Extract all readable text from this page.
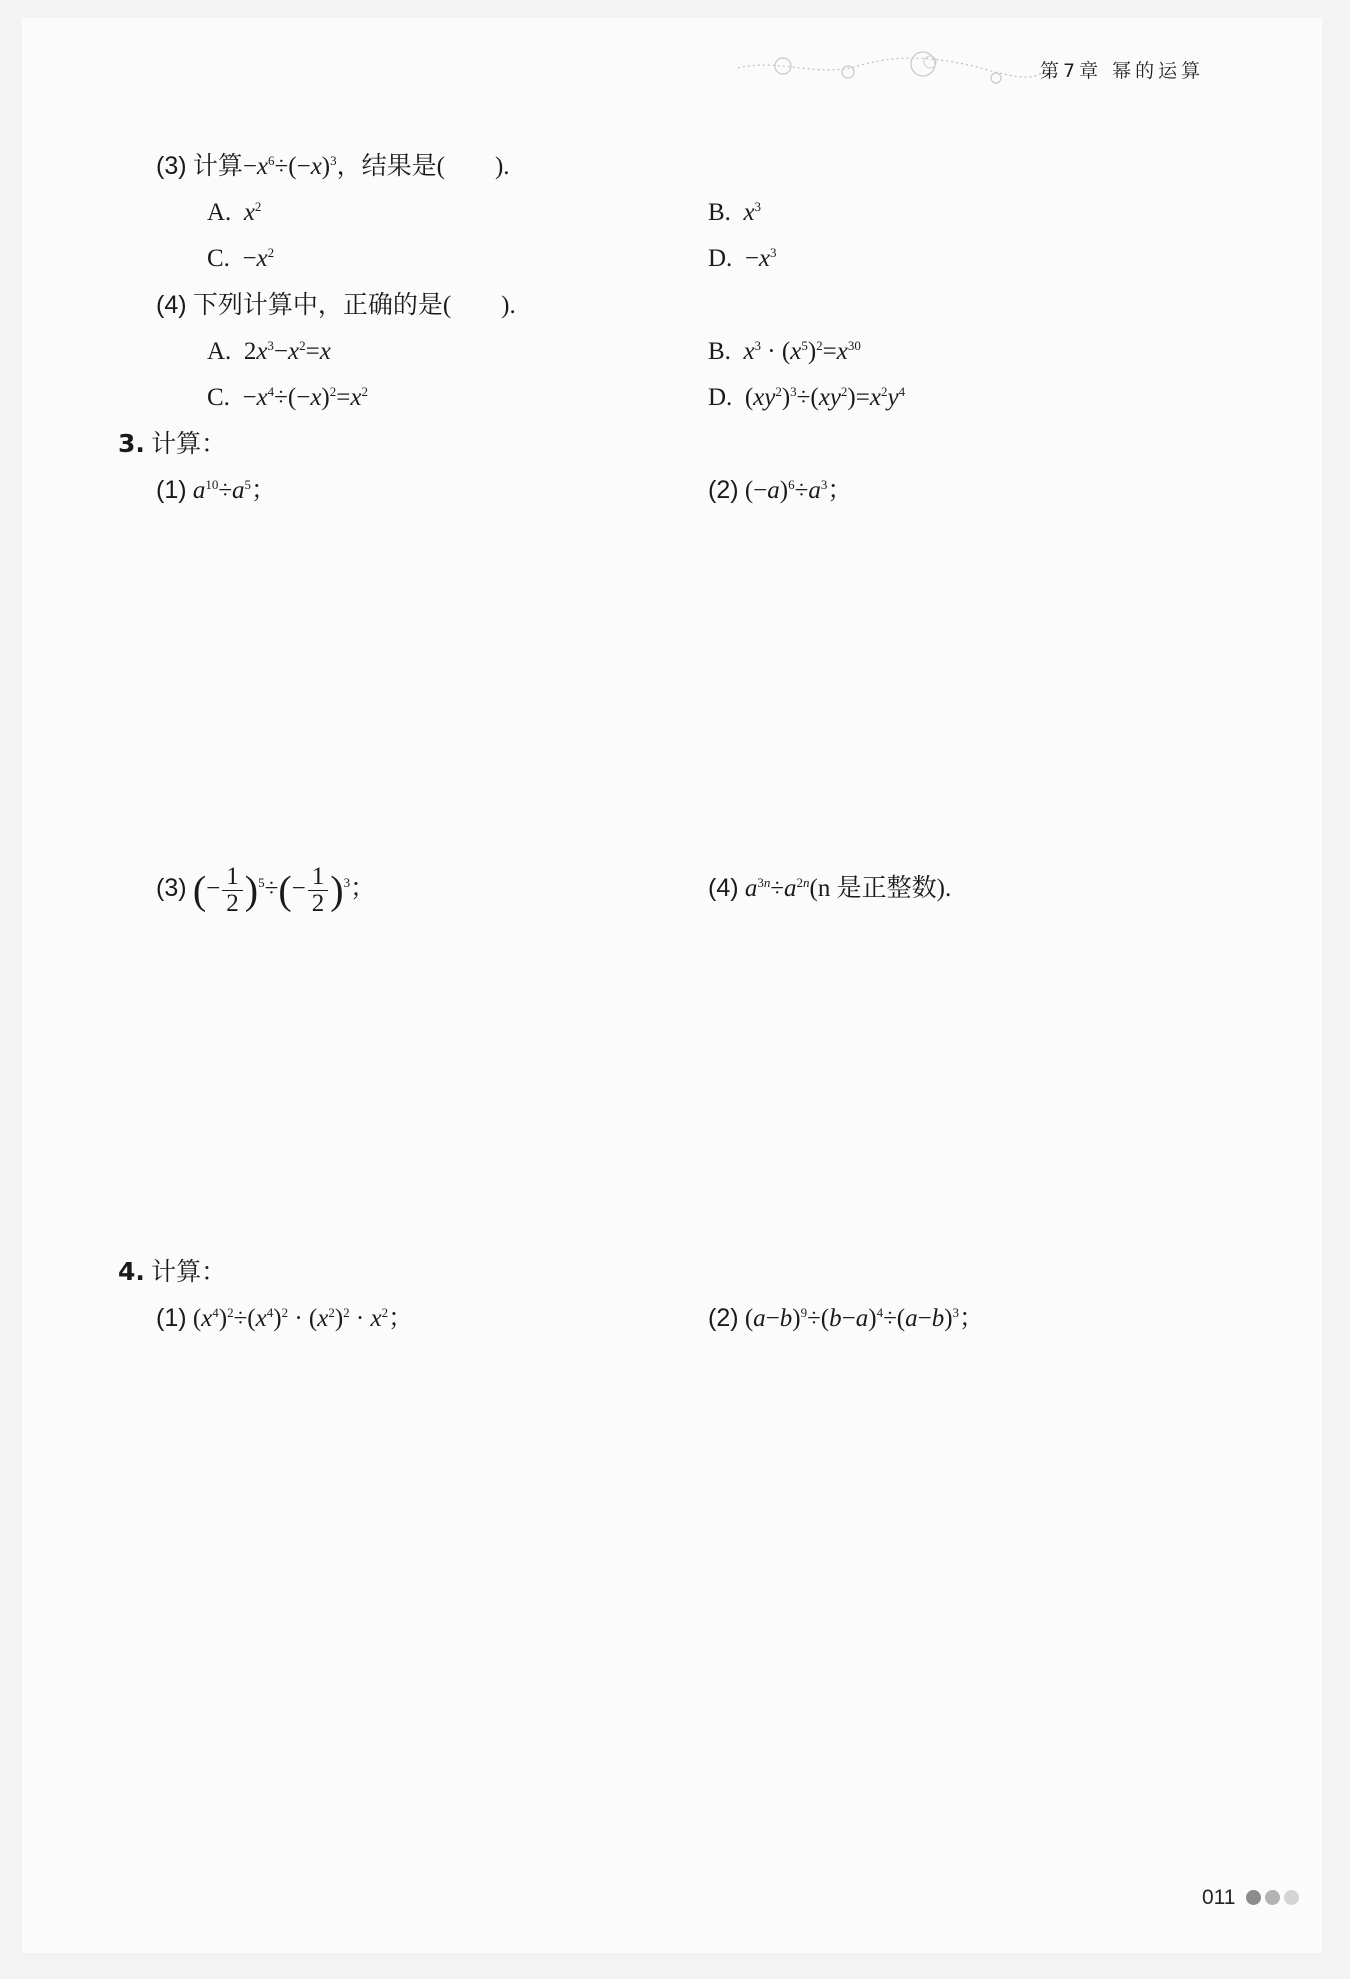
第7章 幂的运算
(3) 计算$-x^6\div(-x)^3$，结果是(　　).
A. $x^2$	B. $x^3$
C.  $-x^2$	D.  $-x^3$
(4) 下列计算中，正确的是(　　).
A.  $2x^3-x^2=x$	B. $x^3 \cdot (x^5)^2=x^{30}$
C.  $-x^4\div(-x)^2=x^2$	D.  $(xy^2)^3\div(xy^2)=x^2y^4$
3. 计算：
(1) $a^{10}\div a^5$；	(2) $(-a)^6\div a^3$；
(3) (− $\frac{1}{2} )^5\div(- \frac{1}{2} )^3$；	(4) $a^{3n}\div a^{2n}(n$ 是正整数).
4. 计算：
(1) $(x^4)^2\div(x^4)^2 \cdot (x^2)^2 \cdot x^2$；	(2) $(a-b)^9\div(b-a)^4\div(a-b)^3$；
011
